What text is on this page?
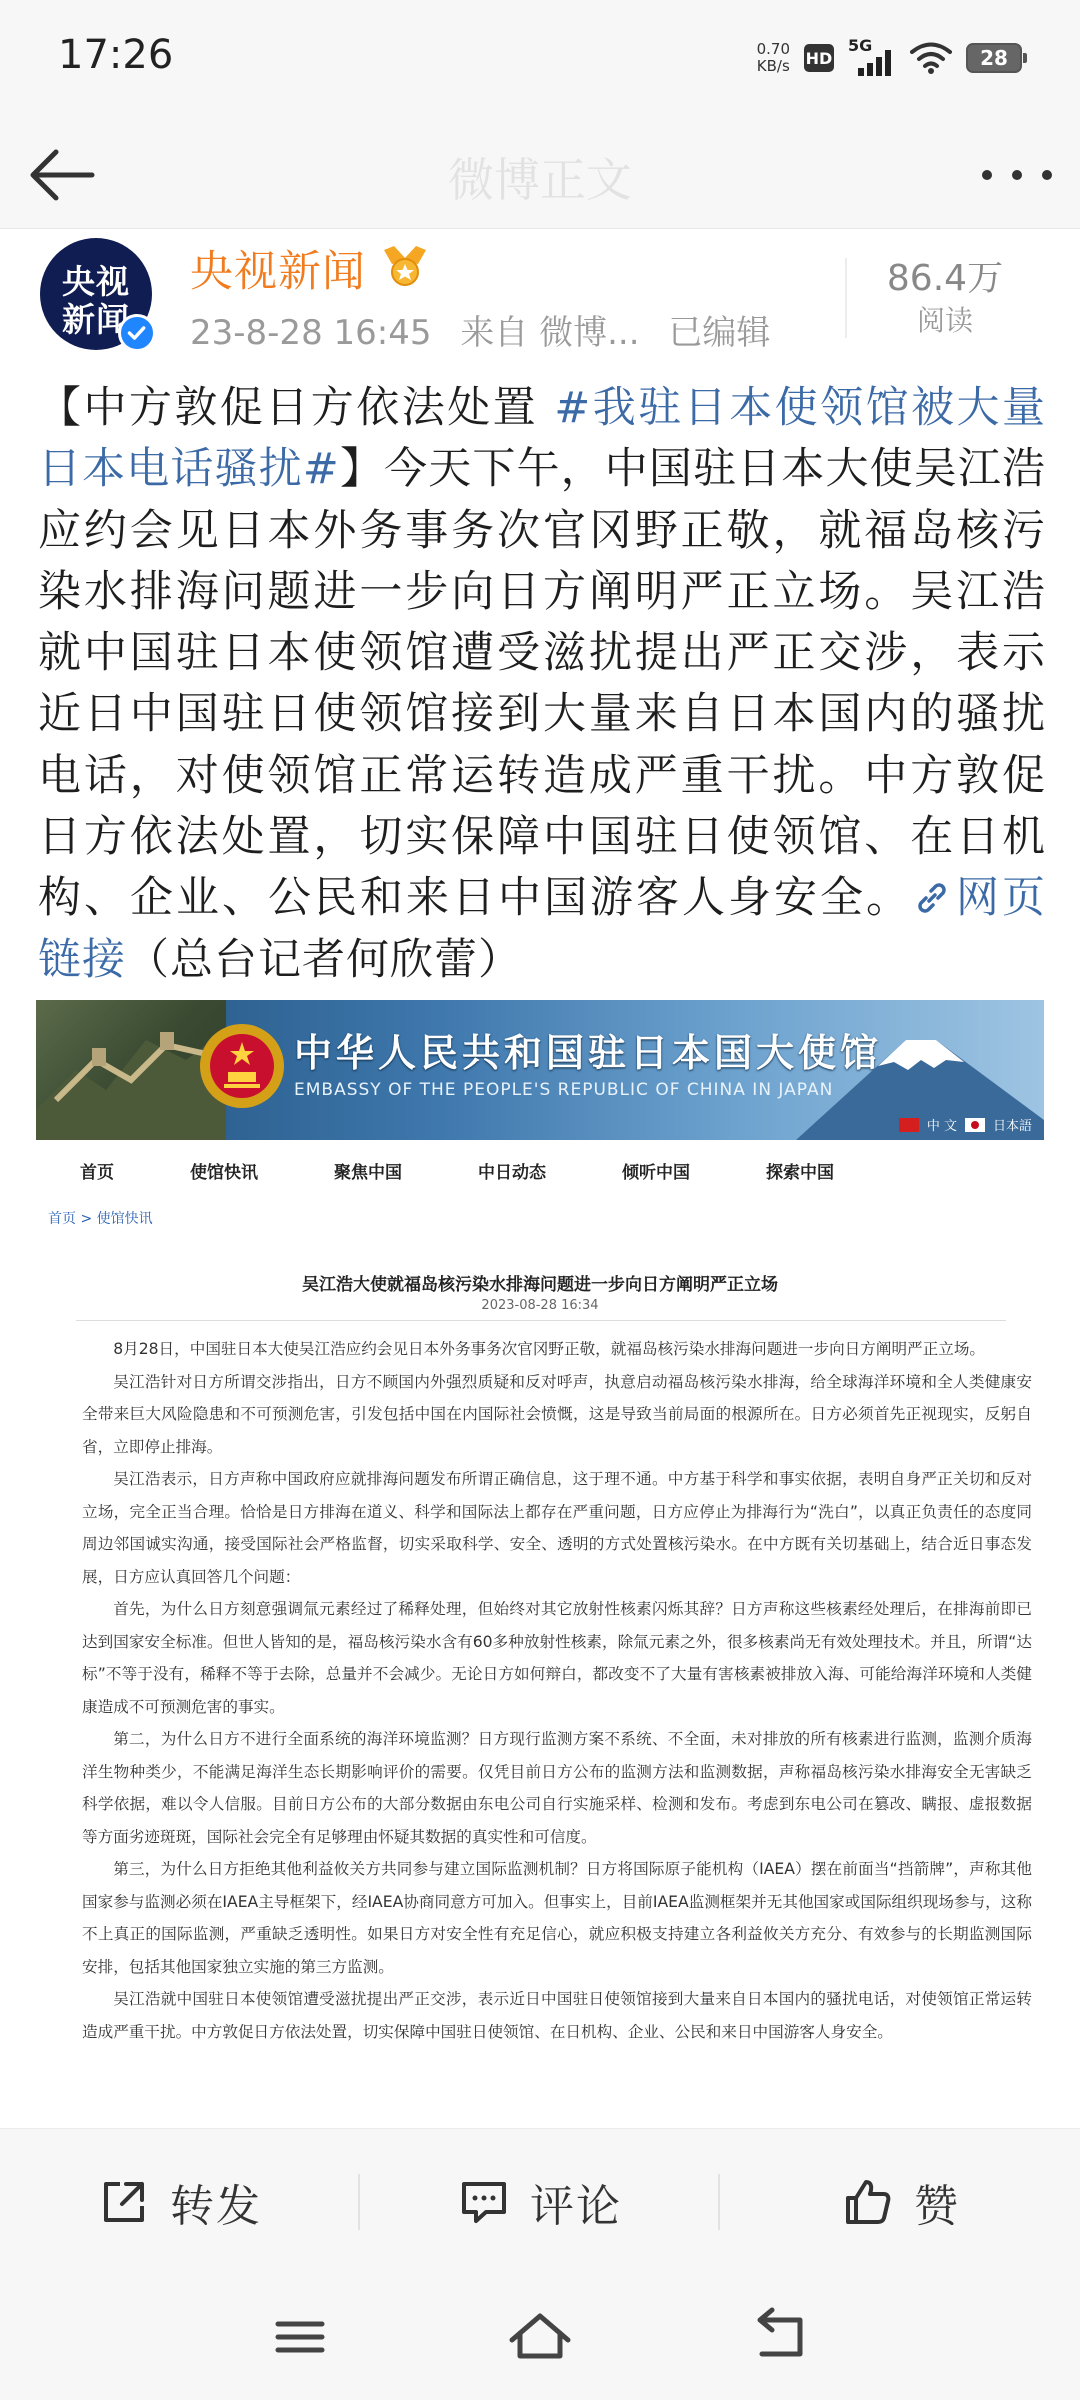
17:26	0.70
KB/s HD
5G
28
微博正文
央视
新闻
央视新闻
23-8-28 16:45 来自 微博... 已编辑
86.4万
阅读
【中方敦促日方依法处置 #我驻日本使领馆被大量日本电话骚扰#】今天下午，中国驻日本大使吴江浩应约会见日本外务事务次官冈野正敬，就福岛核污染水排海问题进一步向日方阐明严正立场。吴江浩就中国驻日本使领馆遭受滋扰提出严正交涉，表示近日中国驻日使领馆接到大量来自日本国内的骚扰电话，对使领馆正常运转造成严重干扰。中方敦促日方依法处置，切实保障中国驻日使领馆、在日机构、企业、公民和来日中国游客人身安全。 网页链接（总台记者何欣蕾）
中华人民共和国驻日本国大使馆
EMBASSY OF THE PEOPLE'S REPUBLIC OF CHINA IN JAPAN
中 文	日本語
首页	使馆快讯	聚焦中国	中日动态	倾听中国	探索中国
首页 > 使馆快讯
吴江浩大使就福岛核污染水排海问题进一步向日方阐明严正立场
2023-08-28 16:34

8月28日，中国驻日本大使吴江浩应约会见日本外务事务次官冈野正敬，就福岛核污染水排海问题进一步向日方阐明严正立场。

吴江浩针对日方所谓交涉指出，日方不顾国内外强烈质疑和反对呼声，执意启动福岛核污染水排海，给全球海洋环境和全人类健康安全带来巨大风险隐患和不可预测危害，引发包括中国在内国际社会愤慨，这是导致当前局面的根源所在。日方必须首先正视现实，反躬自省，立即停止排海。

吴江浩表示，日方声称中国政府应就排海问题发布所谓正确信息，这于理不通。中方基于科学和事实依据，表明自身严正关切和反对立场，完全正当合理。恰恰是日方排海在道义、科学和国际法上都存在严重问题，日方应停止为排海行为“洗白”，以真正负责任的态度同周边邻国诚实沟通，接受国际社会严格监督，切实采取科学、安全、透明的方式处置核污染水。在中方既有关切基础上，结合近日事态发展，日方应认真回答几个问题：

首先，为什么日方刻意强调氚元素经过了稀释处理，但始终对其它放射性核素闪烁其辞？日方声称这些核素经处理后，在排海前即已达到国家安全标准。但世人皆知的是，福岛核污染水含有60多种放射性核素，除氚元素之外，很多核素尚无有效处理技术。并且，所谓“达标”不等于没有，稀释不等于去除，总量并不会减少。无论日方如何辩白，都改变不了大量有害核素被排放入海、可能给海洋环境和人类健康造成不可预测危害的事实。

第二，为什么日方不进行全面系统的海洋环境监测？日方现行监测方案不系统、不全面，未对排放的所有核素进行监测，监测介质海洋生物种类少，不能满足海洋生态长期影响评价的需要。仅凭目前日方公布的监测方法和监测数据，声称福岛核污染水排海安全无害缺乏科学依据，难以令人信服。目前日方公布的大部分数据由东电公司自行实施采样、检测和发布。考虑到东电公司在篡改、瞒报、虚报数据等方面劣迹斑斑，国际社会完全有足够理由怀疑其数据的真实性和可信度。

第三，为什么日方拒绝其他利益攸关方共同参与建立国际监测机制？日方将国际原子能机构（IAEA）摆在前面当“挡箭牌”，声称其他国家参与监测必须在IAEA主导框架下，经IAEA协商同意方可加入。但事实上，目前IAEA监测框架并无其他国家或国际组织现场参与，这称不上真正的国际监测，严重缺乏透明性。如果日方对安全性有充足信心，就应积极支持建立各利益攸关方充分、有效参与的长期监测国际安排，包括其他国家独立实施的第三方监测。

吴江浩就中国驻日本使领馆遭受滋扰提出严正交涉，表示近日中国驻日使领馆接到大量来自日本国内的骚扰电话，对使领馆正常运转造成严重干扰。中方敦促日方依法处置，切实保障中国驻日使领馆、在日机构、企业、公民和来日中国游客人身安全。

转发	评论	赞
